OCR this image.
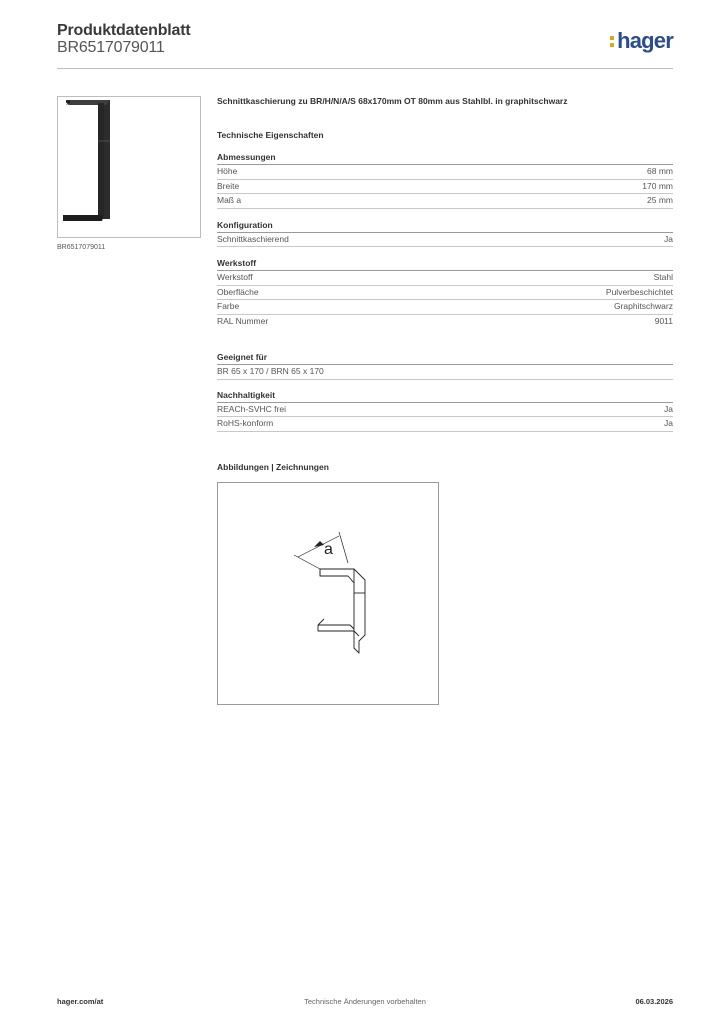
Produktdatenblatt
BR6517079011	hager
BR6517079011
Schnittkaschierung zu BR/H/N/A/S 68x170mm OT 80mm aus Stahlbl. in graphitschwarz
Technische Eigenschaften
Abmessungen
Höhe	68 mm
Breite	170 mm
Maß a	25 mm
Konfiguration
Schnittkaschierend	Ja
Werkstoff
Werkstoff	Stahl
Oberfläche	Pulverbeschichtet
Farbe	Graphitschwarz
RAL Nummer	9011
Geeignet für
BR 65 x 170 / BRN 65 x 170
Nachhaltigkeit
REACh-SVHC frei	Ja
RoHS-konform	Ja
Abbildungen | Zeichnungen
a
hager.com/at	Technische Änderungen vorbehalten	06.03.2026
